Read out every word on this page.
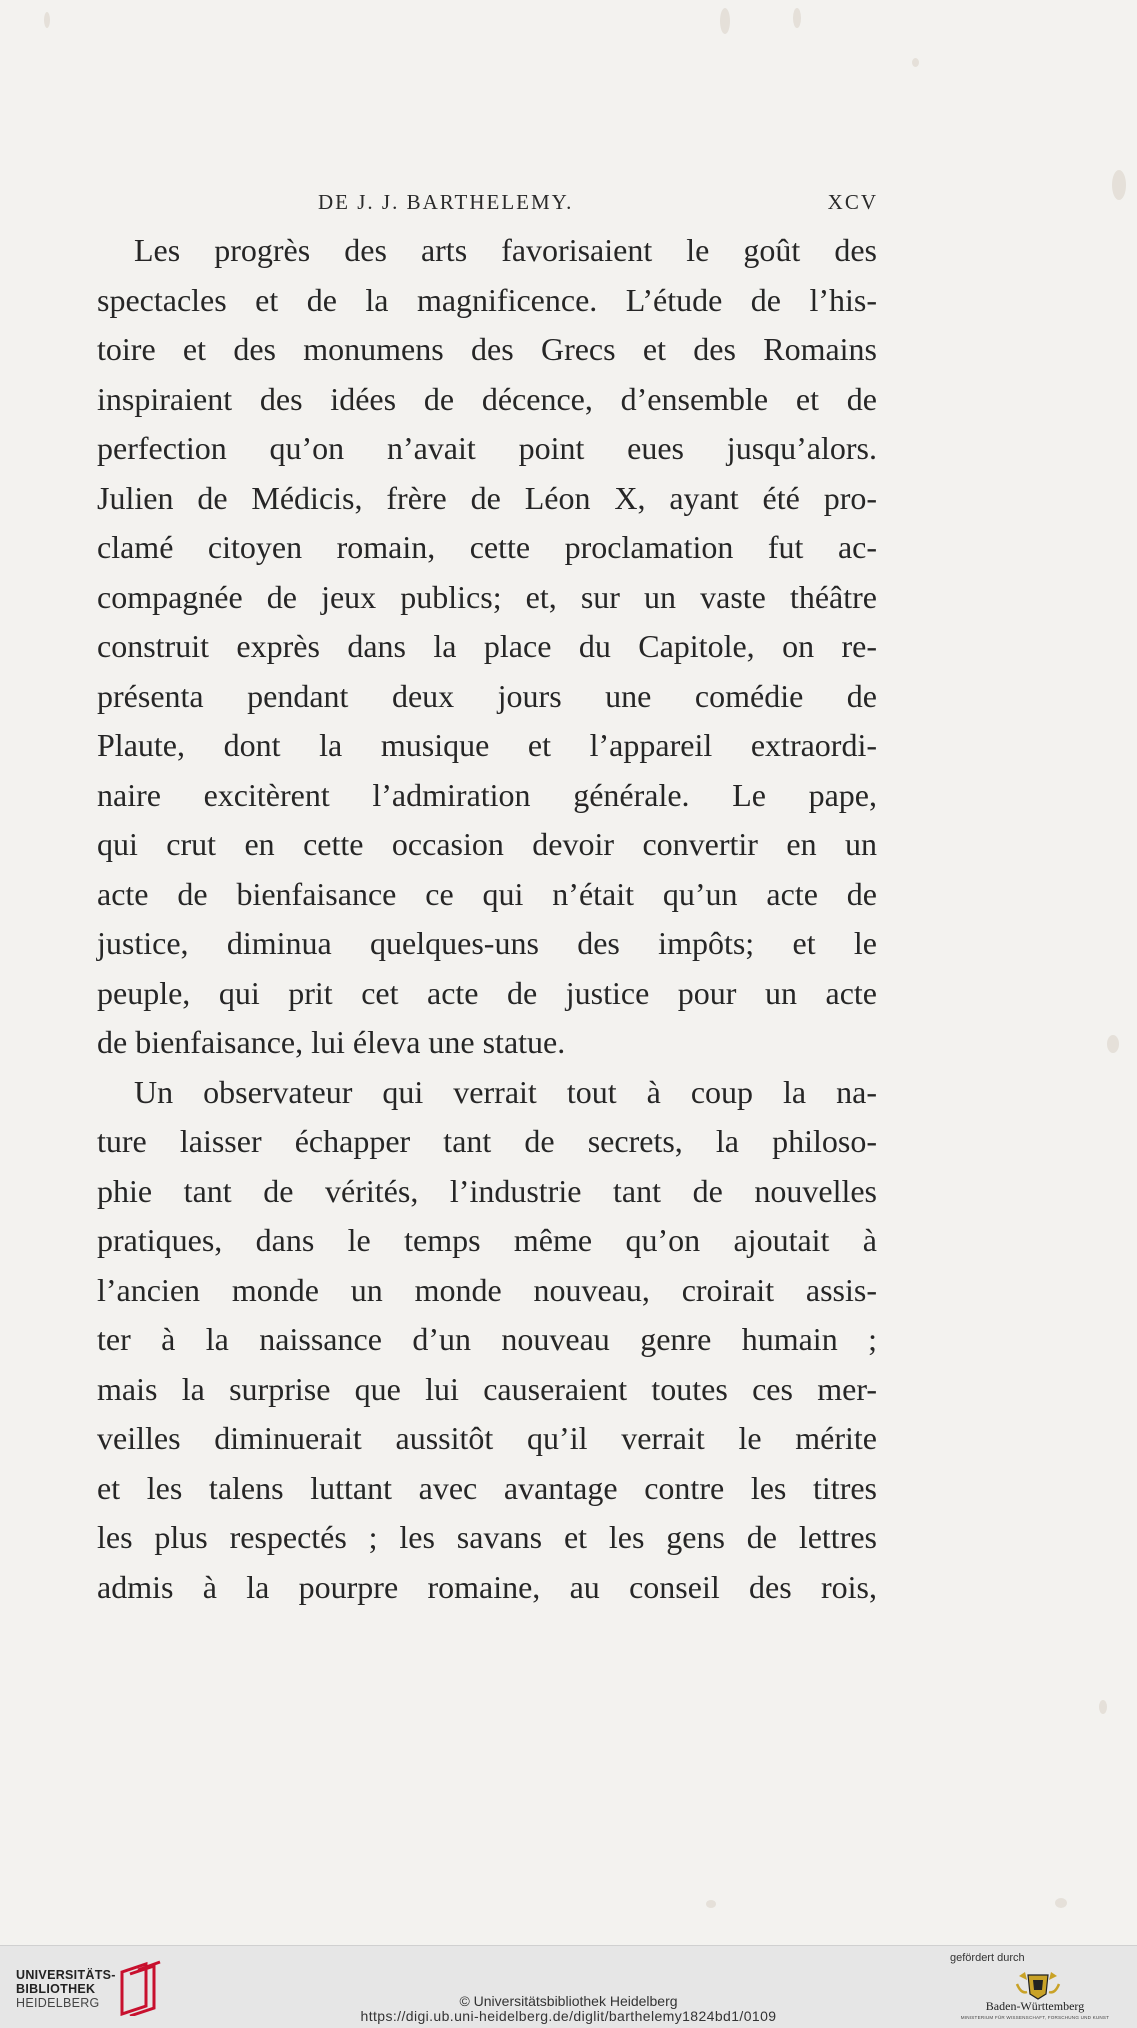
DE J. J. BARTHELEMY.	XCV
Les progrès des arts favorisaient le goût des
spectacles et de la magnificence. L’étude de l’his-
toire et des monumens des Grecs et des Romains
inspiraient des idées de décence, d’ensemble et de
perfection qu’on n’avait point eues jusqu’alors.
Julien de Médicis, frère de Léon X, ayant été pro-
clamé citoyen romain, cette proclamation fut ac-
compagnée de jeux publics; et, sur un vaste théâtre
construit exprès dans la place du Capitole, on re-
présenta pendant deux jours une comédie de
Plaute, dont la musique et l’appareil extraordi-
naire excitèrent l’admiration générale. Le pape,
qui crut en cette occasion devoir convertir en un
acte de bienfaisance ce qui n’était qu’un acte de
justice, diminua quelques-uns des impôts; et le
peuple, qui prit cet acte de justice pour un acte
de bienfaisance, lui éleva une statue.
Un observateur qui verrait tout à coup la na-
ture laisser échapper tant de secrets, la philoso-
phie tant de vérités, l’industrie tant de nouvelles
pratiques, dans le temps même qu’on ajoutait à
l’ancien monde un monde nouveau, croirait assis-
ter à la naissance d’un nouveau genre humain ;
mais la surprise que lui causeraient toutes ces mer-
veilles diminuerait aussitôt qu’il verrait le mérite
et les talens luttant avec avantage contre les titres
les plus respectés ; les savans et les gens de lettres
admis à la pourpre romaine, au conseil des rois,
UNIVERSITÄTS-
BIBLIOTHEK
HEIDELBERG	© Universitätsbibliothek Heidelberg
https://digi.ub.uni-heidelberg.de/diglit/barthelemy1824bd1/0109
gefördert durch
Baden-Württemberg
MINISTERIUM FÜR WISSENSCHAFT, FORSCHUNG UND KUNST
